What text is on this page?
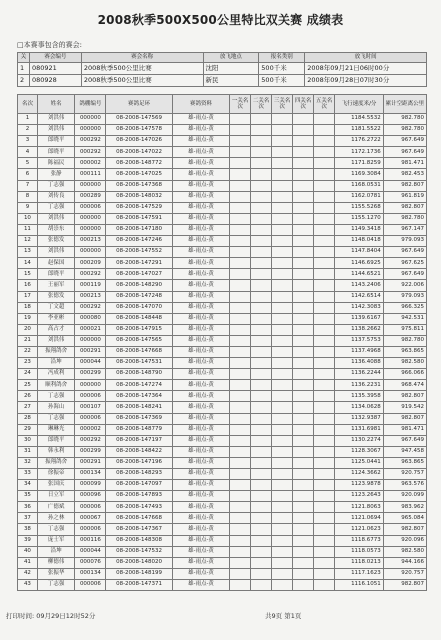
2008秋季500X500公里特比双关赛 成绩表
□本赛事包含的赛会:
关	赛会编号	赛会名称	放飞地点	报名类别	放飞时间
1	080921	2008秋季500公里比赛	沈阳	500千米	2008年09月21日06时00分
2	080928	2008秋季500公里比赛	新民	500千米	2008年09月28日07时30分
名次	姓名	鸽棚编号	赛鸽足环	赛鸽资料	一关名次	二关名次	三关名次	四关名次	五关名次	飞行速度米/分	累计空距离公里
1	刘洪伟	000000	08-2008-147569	雄-雨点-黄						1184.5532	982.780
2	刘洪伟	000000	08-2008-147578	雄-雨点-黄						1181.5522	982.780
3	郎晓平	000292	08-2008-147026	雄-雨点-黄						1176.2722	967.649
4	郎晓平	000292	08-2008-147022	雄-雨点-黄						1172.1736	967.649
5	陈福民	000002	08-2008-148772	雄-雨点-黄						1171.8259	981.471
6	张静	000111	08-2008-147025	雄-雨点-黄						1169.3084	982.453
7	丁志强	000000	08-2008-147368	雄-雨点-黄						1168.0531	982.807
8	刘传良	000289	08-2008-148032	雄-雨点-黄						1162.0781	961.819
9	丁志强	000006	08-2008-147529	雄-雨点-黄						1155.5268	982.807
10	刘洪伟	000000	08-2008-147591	雄-雨点-黄						1155.1270	982.780
11	胡崇东	000000	08-2008-147180	雄-雨点-黄						1149.3418	967.147
12	张德发	000213	08-2008-147246	雄-雨点-黄						1148.0418	979.093
13	刘洪伟	000000	08-2008-147552	雄-雨点-黄						1147.8404	967.649
14	赵保国	000209	08-2008-147291	雄-雨点-黄						1146.6925	967.625
15	郎晓平	000292	08-2008-147027	雄-雨点-黄						1144.6521	967.649
16	王丽军	000119	08-2008-148290	雄-雨点-黄						1143.2406	922.006
17	张德发	000213	08-2008-147248	雄-雨点-黄						1142.6514	979.093
18	丁文超	000292	08-2008-147070	雄-雨点-黄						1142.3083	966.325
19	李亚彬	000080	08-2008-148448	雄-雨点-黄						1139.6167	942.531
20	高占才	000021	08-2008-147915	雄-雨点-黄						1138.2662	975.811
21	刘洪伟	000000	08-2008-147565	雄-雨点-黄						1137.5753	982.780
22	振翔鸽舍	000291	08-2008-147668	雄-雨点-黄						1137.4968	963.865
23	沿坤	000044	08-2008-147531	雄-雨点-黄						1136.4088	982.580
24	冯成利	000299	08-2008-148790	雄-雨点-黄						1136.2244	966.066
25	顺利鸽舍	000000	08-2008-147274	雄-雨点-黄						1136.2231	968.474
26	丁志强	000006	08-2008-147364	雄-雨点-黄						1135.3958	982.807
27	孙海山	000107	08-2008-148241	雄-雨点-黄						1134.0628	919.542
28	丁志强	000006	08-2008-147369	雄-雨点-黄						1132.9387	982.807
29	琳琳光	000002	08-2008-148779	雄-雨点-黄						1131.6981	981.471
30	郎晓平	000292	08-2008-147197	雄-雨点-黄						1130.2274	967.649
31	韩永利	000299	08-2008-148422	雄-雨点-黄						1128.3067	947.458
32	振翔鸽舍	000291	08-2008-147196	雄-雨点-黄						1125.0441	963.865
33	徐振帝	000134	08-2008-148293	雄-雨点-黄						1124.3662	920.757
34	张国庆	000099	08-2008-147097	雄-雨点-黄						1123.9878	963.576
35	日立军	000096	08-2008-147893	雄-雨点-黄						1123.2643	920.099
36	广德斌	000006	08-2008-147493	雄-雨点-黄						1121.8063	983.962
37	孙之林	000067	08-2008-147668	雄-雨点-黄						1121.0694	965.084
38	丁志强	000006	08-2008-147367	雄-雨点-黄						1121.0623	982.807
39	庞士军	000116	08-2008-148308	雄-雨点-黄						1118.6773	920.096
40	沿坤	000044	08-2008-147532	雄-雨点-黄						1118.0573	982.580
41	柳德伟	000076	08-2008-148020	雄-雨点-黄						1118.0213	944.166
42	张振华	000134	08-2008-148199	雄-雨点-黄						1117.1623	920.757
43	丁志强	000006	08-2008-147371	雄-雨点-黄						1116.1051	982.807
打印时间: 09月29日12时52分	共9页 第1页
